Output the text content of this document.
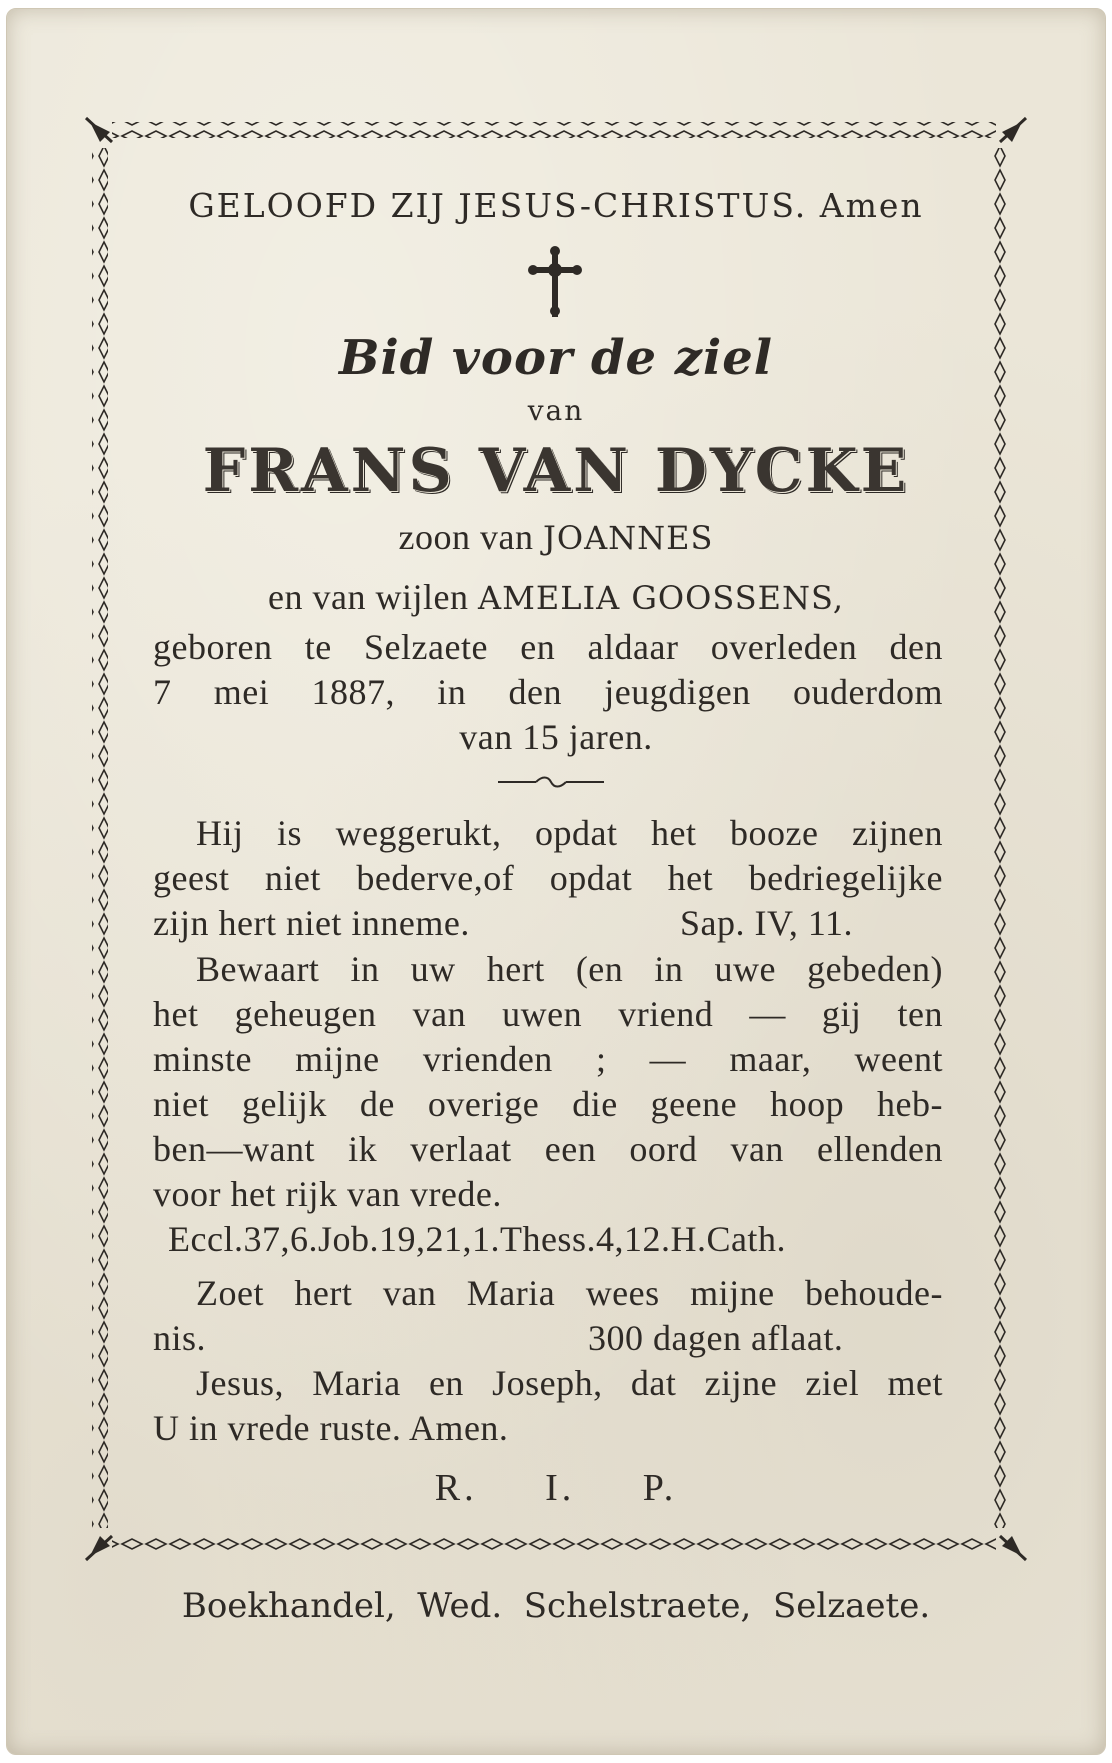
GELOOFD ZIJ JESUS-CHRISTUS. Amen
Bid voor de ziel
van
FRANS VAN DYCKE
zoon van JOANNES
en van wijlen AMELIA GOOSSENS,
geboren te Selzaete en aldaar overleden den
7 mei 1887, in den jeugdigen ouderdom
van 15 jaren.
Hij is weggerukt, opdat het booze zijnen
geest niet bederve,of opdat het bedriegelijke
zijn hert niet inneme.	Sap. IV, 11.
Bewaart in uw hert (en in uwe gebeden)
het geheugen van uwen vriend — gij ten
minste mijne vrienden ; — maar, weent
niet gelijk de overige die geene hoop heb-
ben—want ik verlaat een oord van ellenden
voor het rijk van vrede.
Eccl.37,6.Job.19,21,1.Thess.4,12.H.Cath.
Zoet hert van Maria wees mijne behoude-
nis.	300 dagen aflaat.
Jesus, Maria en Joseph, dat zijne ziel met
U in vrede ruste. Amen.
R.     I.     P.
Boekhandel,  Wed.  Schelstraete,  Selzaete.
